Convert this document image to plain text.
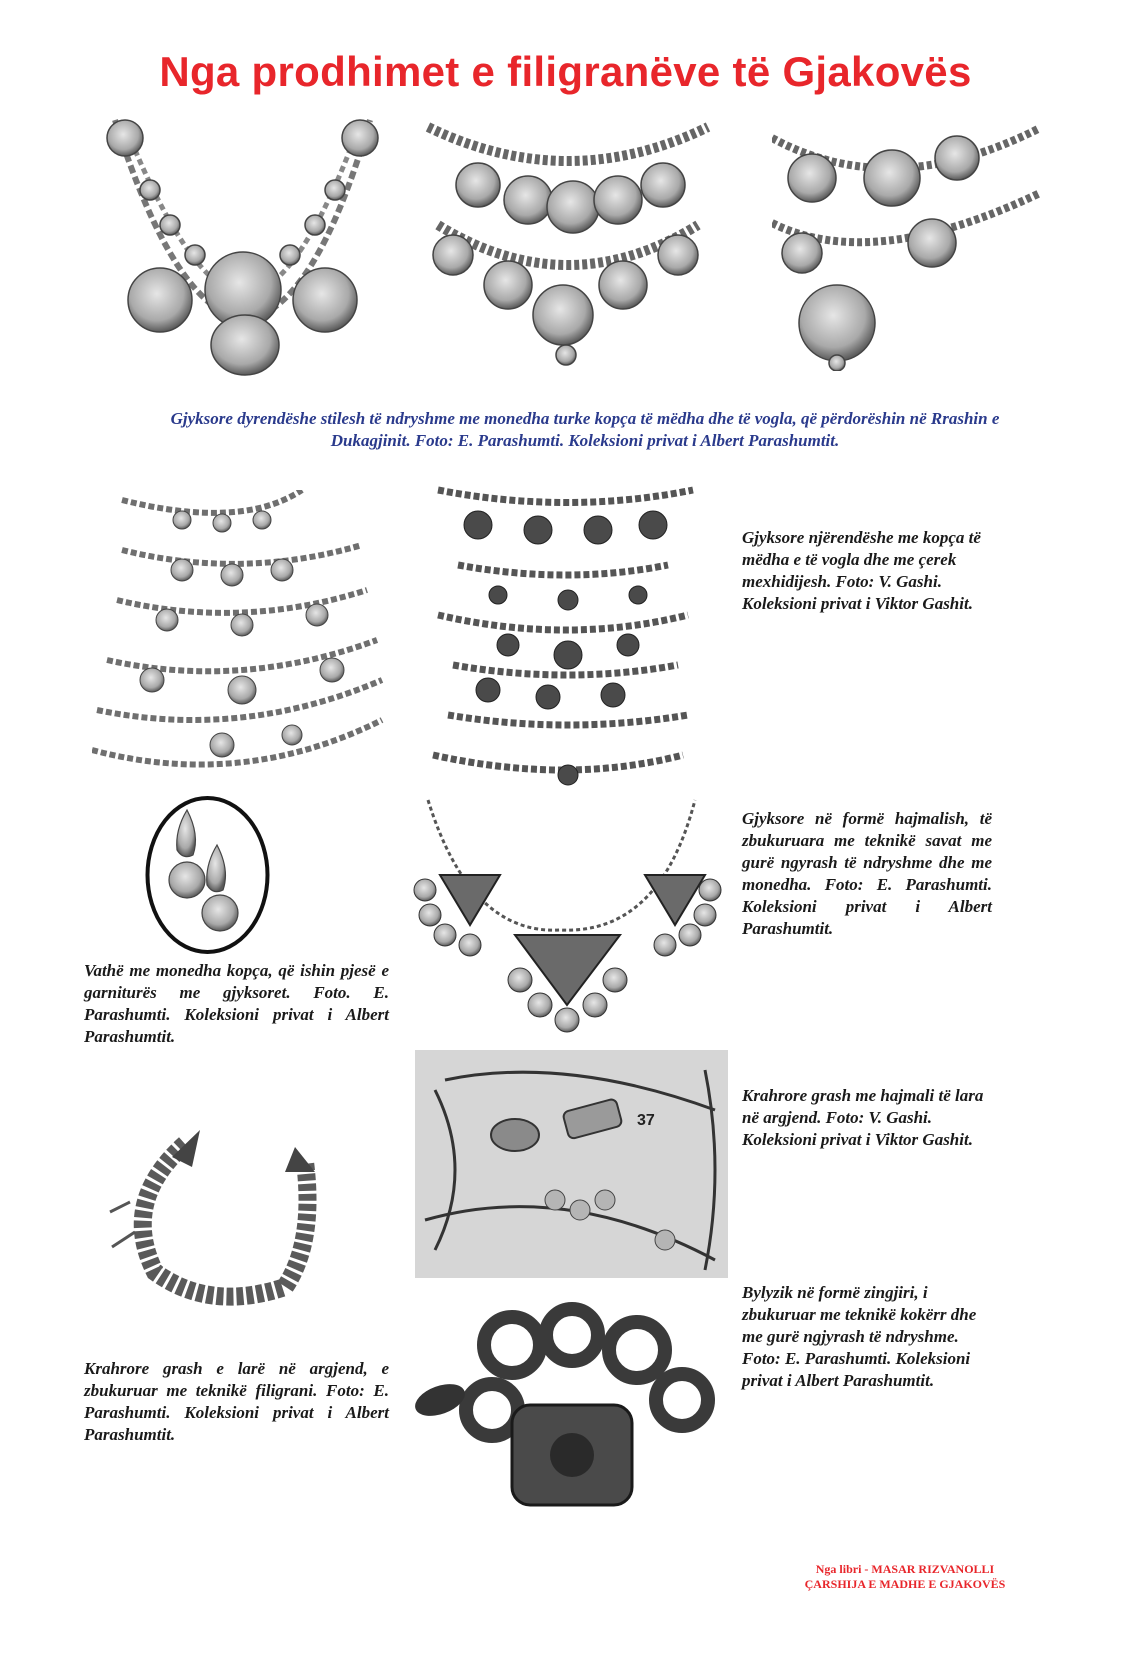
Nga prodhimet e filigranëve të Gjakovës
Gjyksore dyrendëshe stilesh të ndryshme me monedha turke kopça të mëdha dhe të vogla, që përdorëshin në Rrashin e Dukagjinit. Foto: E. Parashumti. Koleksioni privat i Albert Parashumtit.
Gjyksore njërendëshe me kopça të mëdha e të vogla dhe me çerek mexhidijesh. Foto: V. Gashi. Koleksioni privat i Viktor Gashit.
Vathë me monedha kopça, që ishin pjesë e garniturës me gjyksoret. Foto. E. Parashumti. Koleksioni privat i Albert Parashumtit.
Gjyksore në formë hajmalish, të zbukuruara me teknikë savat me gurë ngyrash të ndryshme dhe me monedha. Foto: E. Parashumti. Koleksioni privat i Albert Parashumtit.
37
Krahrore grash me hajmali të lara në argjend. Foto: V. Gashi. Koleksioni privat i Viktor Gashit.
Krahrore grash e larë në argjend, e zbukuruar me teknikë filigrani. Foto: E. Parashumti. Koleksioni privat i Albert Parashumtit.
Bylyzik në formë zingjiri, i zbukuruar me teknikë kokërr dhe me gurë ngjyrash të ndryshme. Foto: E. Parashumti. Koleksioni privat i Albert Parashumtit.
Nga libri - MASAR RIZVANOLLI
ÇARSHIJA E MADHE E GJAKOVËS
